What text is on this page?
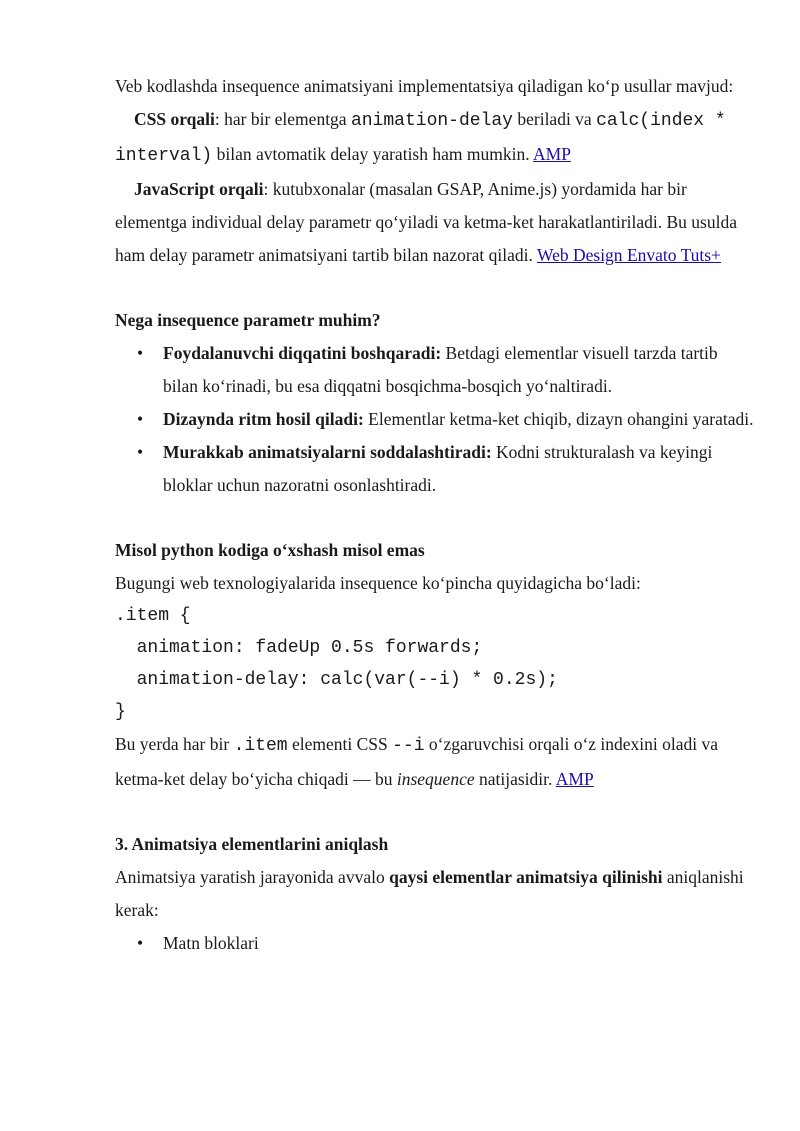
Veb kodlashda insequence animatsiyani implementatsiya qiladigan ko‘p usullar mavjud:

CSS orqali: har bir elementga animation-delay beriladi va calc(index * interval) bilan avtomatik delay yaratish ham mumkin. AMP

JavaScript orqali: kutubxonalar (masalan GSAP, Anime.js) yordamida har bir elementga individual delay parametr qo‘yiladi va ketma-ket harakatlantiriladi. Bu usulda ham delay parametr animatsiyani tartib bilan nazorat qiladi. Web Design Envato Tuts+

Nega insequence parametr muhim?

• Foydalanuvchi diqqatini boshqaradi: Betdagi elementlar visuell tarzda tartib bilan ko‘rinadi, bu esa diqqatni bosqichma-bosqich yo‘naltiradi.
• Dizaynda ritm hosil qiladi: Elementlar ketma-ket chiqib, dizayn ohangini yaratadi.
• Murakkab animatsiyalarni soddalashtiradi: Kodni strukturalash va keyingi bloklar uchun nazoratni osonlashtiradi.

Misol python kodiga o‘xshash misol emas

Bugungi web texnologiyalarida insequence ko‘pincha quyidagicha bo‘ladi:

.item {
animation: fadeUp 0.5s forwards;
animation-delay: calc(var(--i) * 0.2s);
}

Bu yerda har bir .item elementi CSS --i o‘zgaruvchisi orqali o‘z indexini oladi va ketma-ket delay bo‘yicha chiqadi — bu insequence natijasidir. AMP

3. Animatsiya elementlarini aniqlash

Animatsiya yaratish jarayonida avvalo qaysi elementlar animatsiya qilinishi aniqlanishi kerak:

• Matn bloklari
